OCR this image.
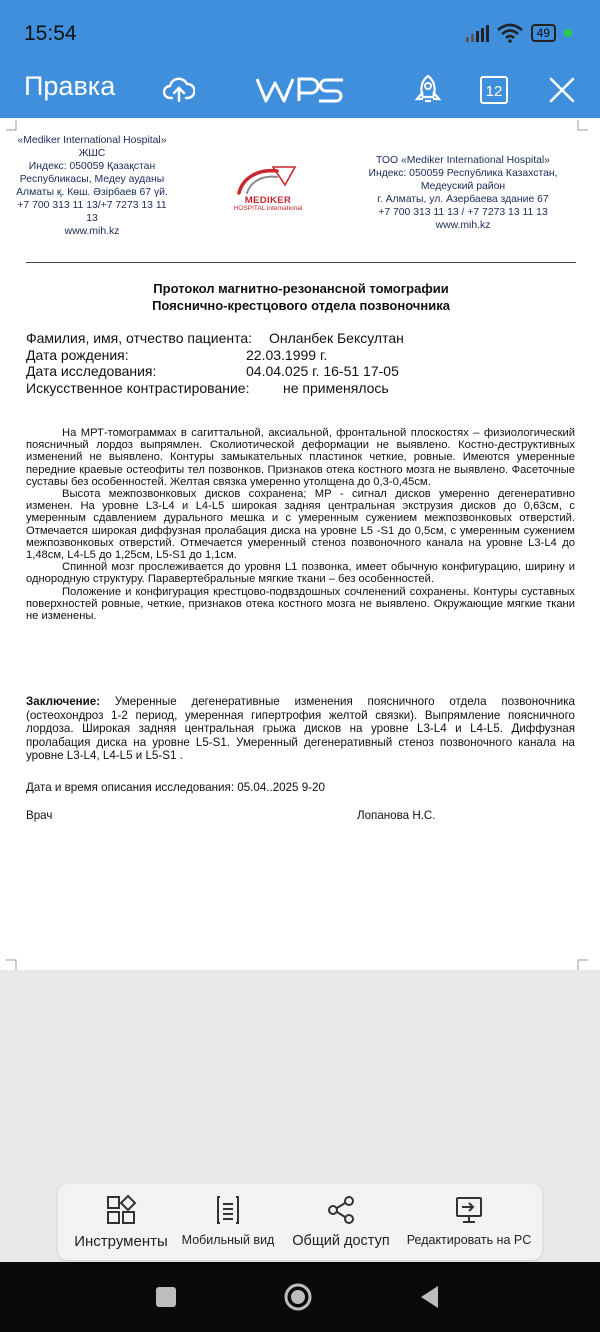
15:54	49
Правка	WPS
12
«Mediker International Hospital»
ЖШС
Индекс: 050059 Қазақстан
Республикасы, Медеу ауданы
Алматы қ. Көш. Әзірбаев 67 үй.
+7 700 313 11 13/+7 7273 13 11
13
www.mih.kz
MEDIKER
HOSPITAL international
ТОО «Mediker International Hospital»
Индекс: 050059 Республика Казахстан,
Медеуский район
г. Алматы, ул. Азербаева здание 67
+7 700 313 11 13 / +7 7273 13 11 13
www.mih.kz
Протокол магнитно-резонансной томографии
Пояснично-крестцового отдела позвоночника
Фамилия, имя, отчество пациента: Онланбек Бексултан
Дата рождения:	22.03.1999 г.
Дата исследования:	04.04.025 г. 16-51 17-05
Искусственное контрастирование: не применялось

На МРТ-томограммах в сагиттальной, аксиальной, фронтальной плоскостях – физиологический поясничный лордоз выпрямлен. Сколиотической деформации не выявлено. Костно-деструктивных изменений не выявлено. Контуры замыкательных пластинок четкие, ровные. Имеются умеренные передние краевые остеофиты тел позвонков. Признаков отека костного мозга не выявлено. Фасеточные суставы без особенностей. Желтая связка умеренно утолщена до 0,3-0,45см.

Высота межпозвонковых дисков сохранена; МР - сигнал дисков умеренно дегенеративно изменен. На уровне L3-L4 и L4-L5 широкая задняя центральная экструзия дисков до 0,63см, с умеренным сдавлением дурального мешка и с умеренным сужением межпозвонковых отверстий. Отмечается широкая диффузная пролабация диска на уровне L5 -S1 до 0,5см, с умеренным сужением межпозвонковых отверстий. Отмечается умеренный стеноз позвоночного канала на уровне L3-L4 до 1,48см, L4-L5 до 1,25см, L5-S1 до 1,1см.

Спинной мозг прослеживается до уровня L1 позвонка, имеет обычную конфигурацию, ширину и однородную структуру. Паравертебральные мягкие ткани – без особенностей.

Положение и конфигурация крестцово-подвздошных сочленений сохранены. Контуры суставных поверхностей ровные, четкие, признаков отека костного мозга не выявлено. Окружающие мягкие ткани не изменены.

Заключение: Умеренные дегенеративные изменения поясничного отдела позвоночника (остеохондроз 1-2 период, умеренная гипертрофия желтой связки). Выпрямление поясничного лордоза. Широкая задняя центральная грыжа дисков на уровне L3-L4 и L4-L5. Диффузная пролабация диска на уровне L5-S1. Умеренный дегенеративный стеноз позвоночного канала на уровне L3-L4, L4-L5 и L5-S1 .
Дата и время описания исследования: 05.04..2025 9-20
Врач	Лопанова Н.С.
Инструменты	Мобильный вид	Общий доступ	Редактировать на PC
